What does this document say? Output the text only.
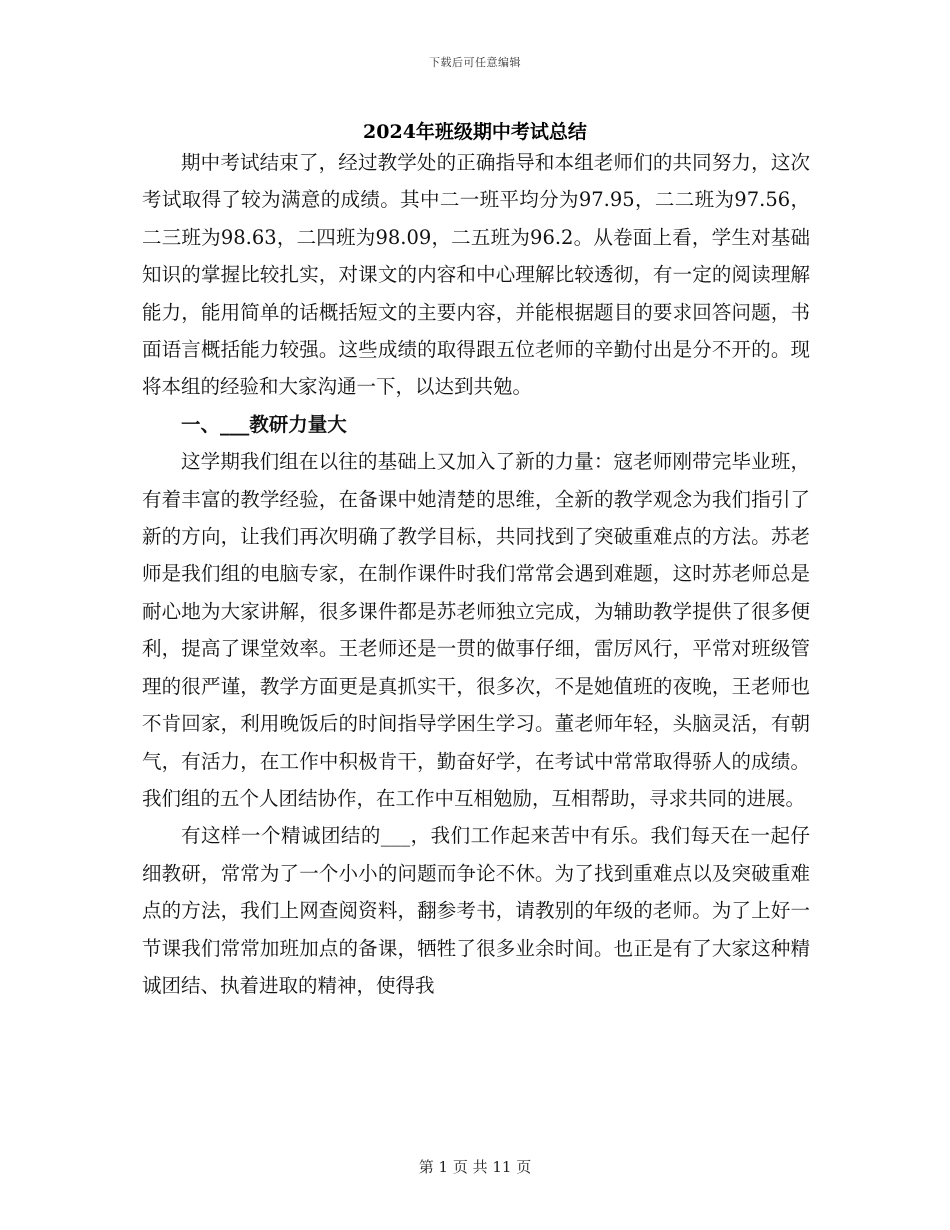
下载后可任意编辑
2024年班级期中考试总结

期中考试结束了，经过教学处的正确指导和本组老师们的共同努力，这次考试取得了较为满意的成绩。其中二一班平均分为97.95，二二班为97.56，二三班为98.63，二四班为98.09，二五班为96.2。从卷面上看，学生对基础知识的掌握比较扎实，对课文的内容和中心理解比较透彻，有一定的阅读理解能力，能用简单的话概括短文的主要内容，并能根据题目的要求回答问题，书面语言概括能力较强。这些成绩的取得跟五位老师的辛勤付出是分不开的。现将本组的经验和大家沟通一下，以达到共勉。

一、___教研力量大

这学期我们组在以往的基础上又加入了新的力量：寇老师刚带完毕业班，有着丰富的教学经验，在备课中她清楚的思维，全新的教学观念为我们指引了新的方向，让我们再次明确了教学目标，共同找到了突破重难点的方法。苏老师是我们组的电脑专家，在制作课件时我们常常会遇到难题，这时苏老师总是耐心地为大家讲解，很多课件都是苏老师独立完成，为辅助教学提供了很多便利，提高了课堂效率。王老师还是一贯的做事仔细，雷厉风行，平常对班级管理的很严谨，教学方面更是真抓实干，很多次，不是她值班的夜晚，王老师也不肯回家，利用晚饭后的时间指导学困生学习。董老师年轻，头脑灵活，有朝气，有活力，在工作中积极肯干，勤奋好学，在考试中常常取得骄人的成绩。我们组的五个人团结协作，在工作中互相勉励，互相帮助，寻求共同的进展。

有这样一个精诚团结的___，我们工作起来苦中有乐。我们每天在一起仔细教研，常常为了一个小小的问题而争论不休。为了找到重难点以及突破重难点的方法，我们上网查阅资料，翻参考书，请教别的年级的老师。为了上好一节课我们常常加班加点的备课，牺牲了很多业余时间。也正是有了大家这种精诚团结、执着进取的精神，使得我

第 1 页 共 11 页
